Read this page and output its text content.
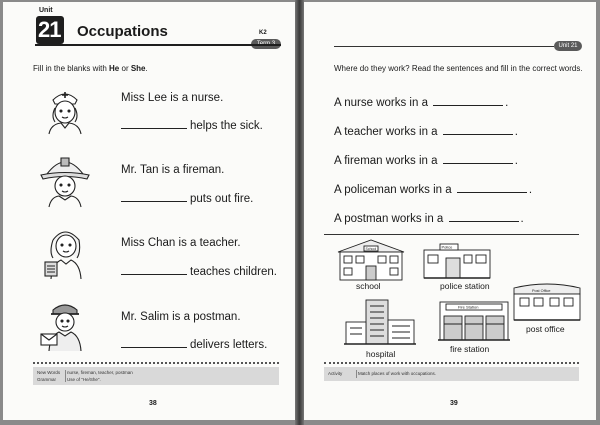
Unit
21 Occupations	K2
Fill in the blanks with He or She.
Miss Lee is a nurse.
helps the sick.
Mr. Tan is a fireman.
puts out fire.
Miss Chan is a teacher.
teaches children.
Mr. Salim is a postman.
delivers letters.
New Words nurse, fireman, teacher, postman
Grammar Use of "He/She".
38
Unit 21
Where do they work? Read the sentences and fill in the correct words.
A nurse works in a	.
A teacher works in a	.
A fireman works in a	.
A policeman works in a	.
A postman works in a	.
School
school
Police
police station	Post Office
post office
hospital
Fire Station
fire station
Activity	Match places of work with occupations.
39
